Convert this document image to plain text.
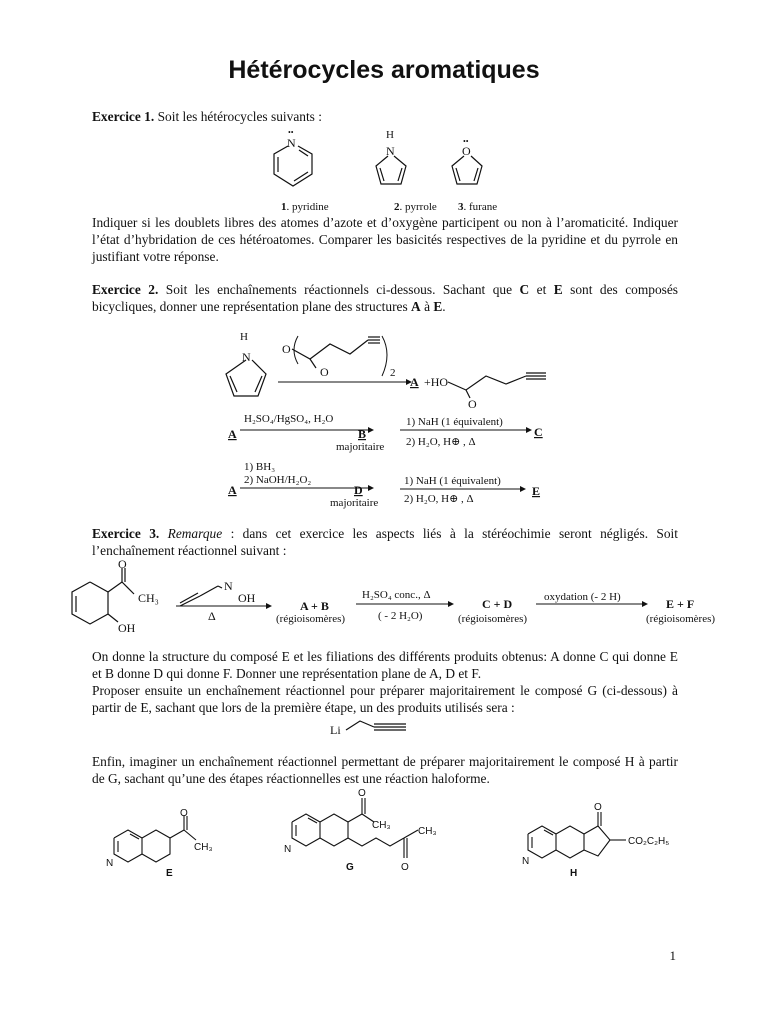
Hétérocycles aromatiques
Exercice 1. Soit les hétérocycles suivants :
N
••
1. pyridine
H
N
2. pyrrole
O
••
3. furane
Indiquer si les doublets libres des atomes d’azote et d’oxygène participent ou non à l’aromaticité. Indiquer l’état d’hybridation de ces hétéroatomes. Comparer les basicités respectives de la pyridine et du pyrrole en justifiant votre réponse.
Exercice 2. Soit les enchaînements réactionnels ci-dessous. Sachant que C et E sont des composés bicycliques, donner une représentation plane des structures A à E.
H
N
O
O	2
A +HO
O
A
H₂SO₄/HgSO₄, H₂O
B
majoritaire
1) NaH (1 équivalent)
2) H₂O, H⊕ , Δ
C
1) BH₃
2) NaOH/H₂O₂
A	D
majoritaire
1) NaH (1 équivalent)
2) H₂O, H⊕ , Δ
E
Exercice 3. Remarque : dans cet exercice les aspects liés à la stéréochimie seront négligés. Soit l’enchaînement réactionnel suivant :
O
CH₃
OH
N
OH
Δ
A + B
(régioisomères)
H₂SO₄ conc., Δ
( - 2 H₂O)
C + D
(régioisomères)
oxydation (- 2 H)	E + F
(régioisomères)
On donne la structure du composé E et les filiations des différents produits obtenus: A donne C qui donne E et B donne D qui donne F. Donner une représentation plane de A, D et F.
Proposer ensuite un enchaînement réactionnel pour préparer majoritairement le composé G (ci-dessous) à partir de E, sachant que lors de la première étape, un des produits utilisés sera :
Li
Enfin, imaginer un enchaînement réactionnel permettant de préparer majoritairement le composé H à partir de G, sachant qu’une des étapes réactionnelles est une réaction haloforme.
N
O
CH₃
E
N
O
CH₃
CH₃
O
G
N
O
CO₂C₂H₅
H
1
